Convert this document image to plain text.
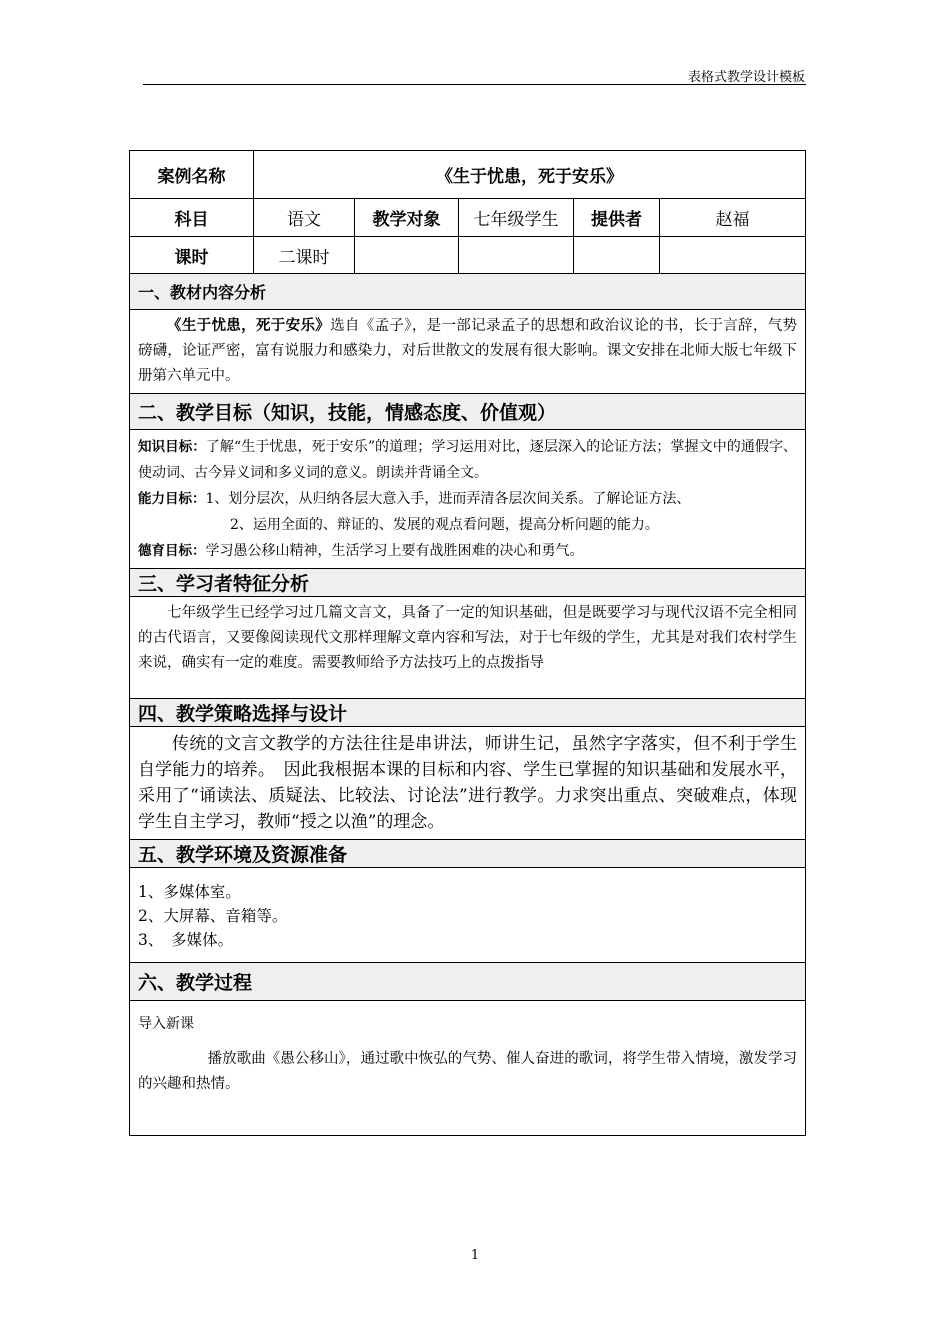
表格式教学设计模板
案例名称	《生于忧患，死于安乐》				
科目	语文	教学对象	七年级学生	提供者	赵福
课时	二课时				
一、教材内容分析					

《生于忧患，死于安乐》选自《孟子》，是一部记录孟子的思想和政治议论的书，长于言辞，气势磅礴，论证严密，富有说服力和感染力，对后世散文的发展有很大影响。课文安排在北师大版七年级下册第六单元中。					

二、教学目标（知识，技能，情感态度、价值观）					

知识目标：了解“生于忧患，死于安乐”的道理；学习运用对比，逐层深入的论证方法；掌握文中的通假字、使动词、古今异义词和多义词的意义。朗读并背诵全文。

能力目标：1、划分层次，从归纳各层大意入手，进而弄清各层次间关系。了解论证方法、

2、运用全面的、辩证的、发展的观点看问题，提高分析问题的能力。

德育目标：学习愚公移山精神，生活学习上要有战胜困难的决心和勇气。					

三、学习者特征分析					

七年级学生已经学习过几篇文言文，具备了一定的知识基础，但是既要学习与现代汉语不完全相同的古代语言，又要像阅读现代文那样理解文章内容和写法，对于七年级的学生，尤其是对我们农村学生来说，确实有一定的难度。需要教师给予方法技巧上的点拨指导					

四、教学策略选择与设计					

传统的文言文教学的方法往往是串讲法，师讲生记，虽然字字落实，但不利于学生自学能力的培养。　因此我根据本课的目标和内容、学生已掌握的知识基础和发展水平，采用了“诵读法、质疑法、比较法、讨论法”进行教学。力求突出重点、突破难点，体现学生自主学习，教师“授之以渔”的理念。					

五、教学环境及资源准备					

1、多媒体室。

2、大屏幕、音箱等。

3、　多媒体。					

六、教学过程					

导入新课

播放歌曲《愚公移山》，通过歌中恢弘的气势、催人奋进的歌词，将学生带入情境，激发学习的兴趣和热情。					

1
